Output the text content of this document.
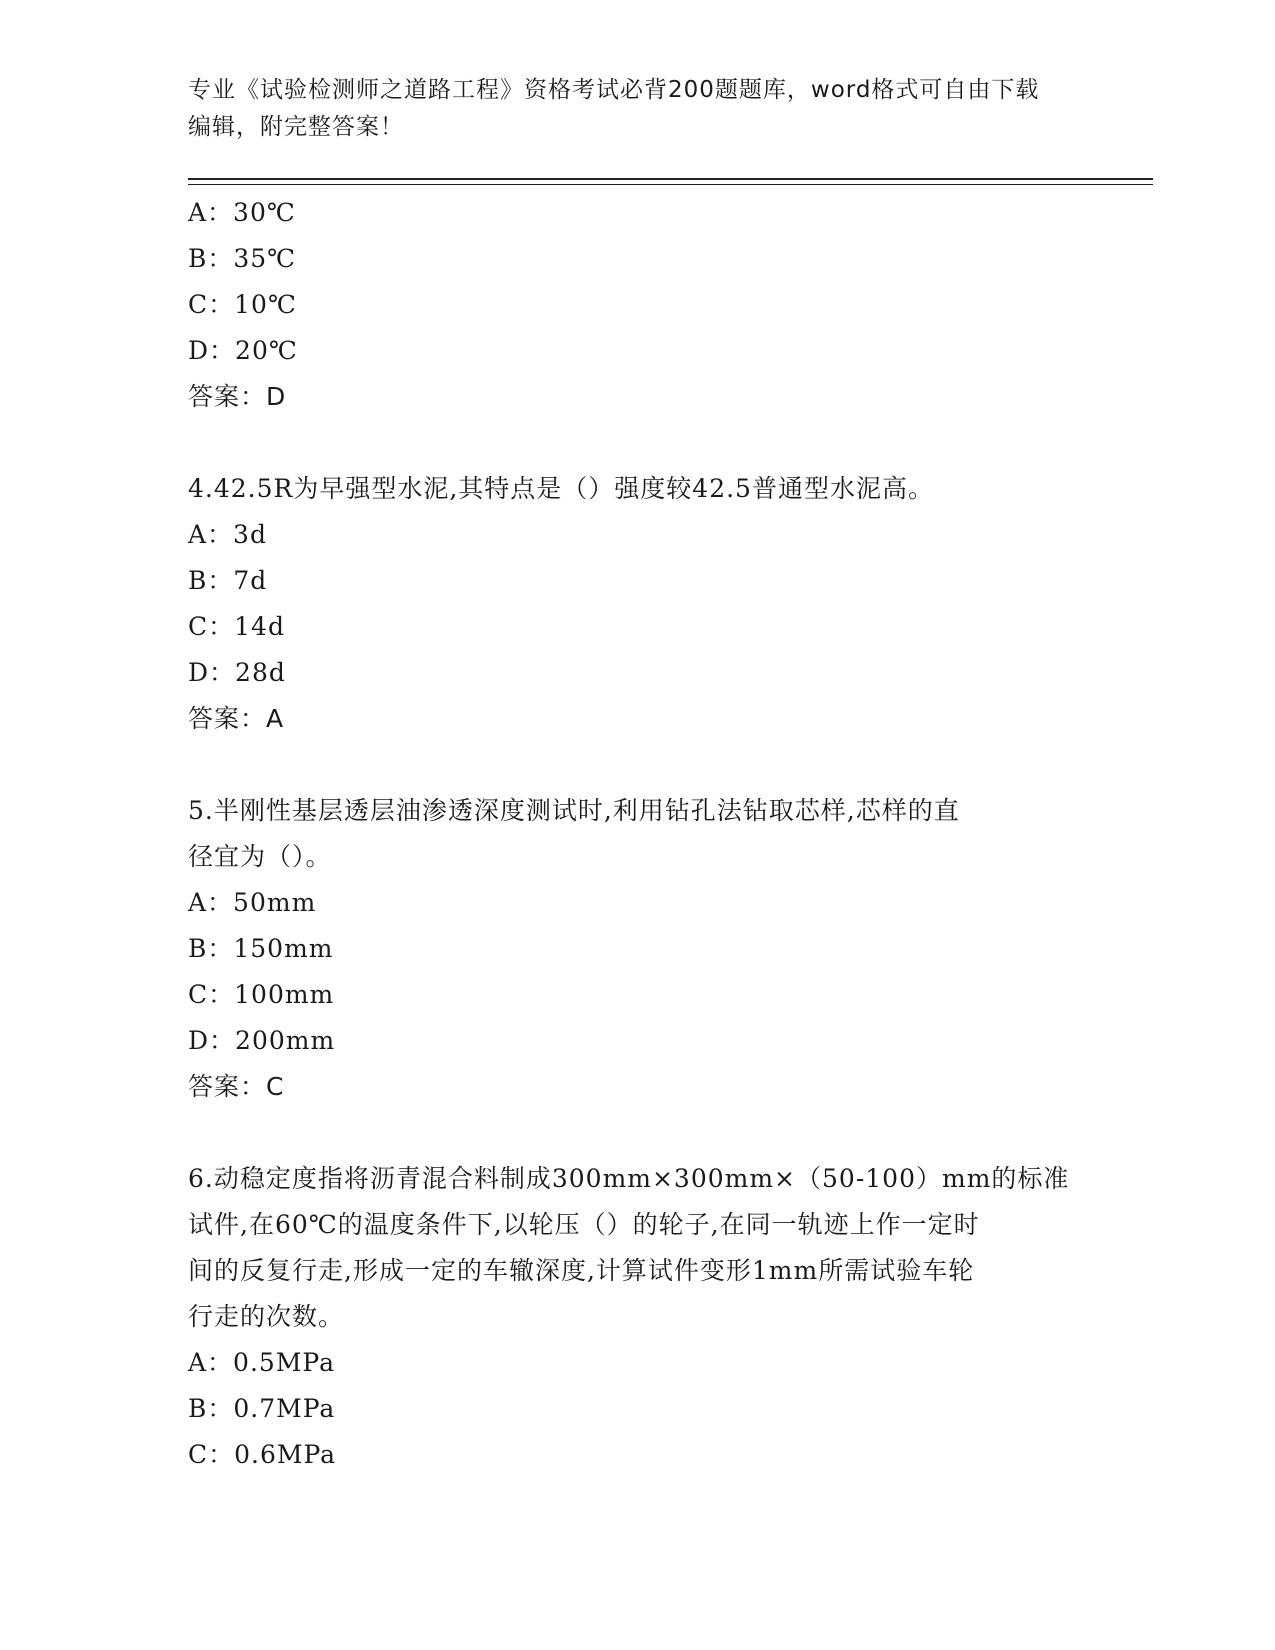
专业《试验检测师之道路工程》资格考试必背200题题库，word格式可自由下载
编辑，附完整答案！
A：30℃
B：35℃
C：10℃
D：20℃
答案：D
4.42.5R为早强型水泥,其特点是（）强度较42.5普通型水泥高。
A：3d
B：7d
C：14d
D：28d
答案：A
5.半刚性基层透层油渗透深度测试时,利用钻孔法钻取芯样,芯样的直
径宜为（）。
A：50mm
B：150mm
C：100mm
D：200mm
答案：C
6.动稳定度指将沥青混合料制成300mm×300mm×（50-100）mm的标准
试件,在60℃的温度条件下,以轮压（）的轮子,在同一轨迹上作一定时
间的反复行走,形成一定的车辙深度,计算试件变形1mm所需试验车轮
行走的次数。
A：0.5MPa
B：0.7MPa
C：0.6MPa
